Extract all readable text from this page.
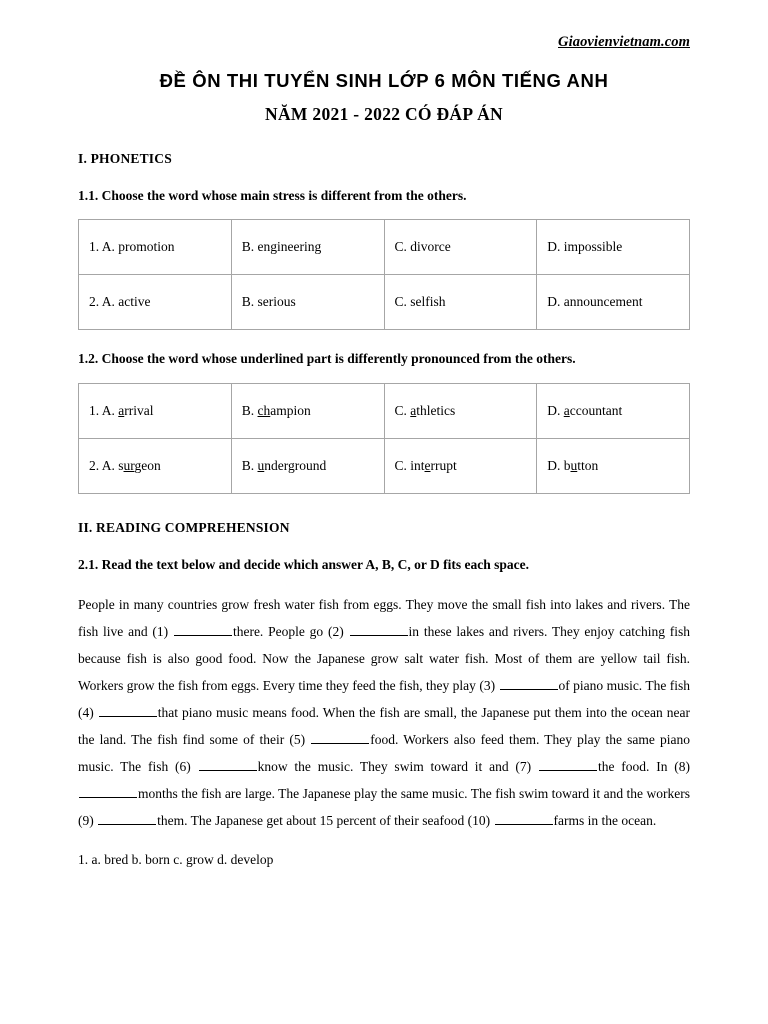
Giaovienvietnam.com
ĐỀ ÔN THI TUYỂN SINH LỚP 6 MÔN TIẾNG ANH
NĂM 2021 - 2022 CÓ ĐÁP ÁN
I. PHONETICS
1.1. Choose the word whose main stress is different from the others.
1. A. promotion	B. engineering	C. divorce	D. impossible
2. A. active	B. serious	C. selfish	D. announcement
1.2. Choose the word whose underlined part is differently pronounced from the others.
1. A. arrival	B. champion	C. athletics	D. accountant
2. A. surgeon	B. underground	C. interrupt	D. button
II. READING COMPREHENSION
2.1. Read the text below and decide which answer A, B, C, or D fits each space.
People in many countries grow fresh water fish from eggs. They move the small fish into lakes and rivers. The fish live and (1)	there. People go (2)	in these lakes and rivers. They enjoy catching fish because fish is also good food. Now the Japanese grow salt water fish. Most of them are yellow tail fish. Workers grow the fish from eggs. Every time they feed the fish, they play (3)	of piano music. The fish (4)	that piano music means food. When the fish are small, the Japanese put them into the ocean near the land. The fish find some of their (5)	food. Workers also feed them. They play the same piano music. The fish (6)	know the music. They swim toward it and (7)	the food. In (8) months the fish are large. The Japanese play the same music. The fish swim toward it and the workers (9)	them. The Japanese get about 15 percent of their seafood (10)	farms in the ocean.
1. a. bred b. born c. grow d. develop
